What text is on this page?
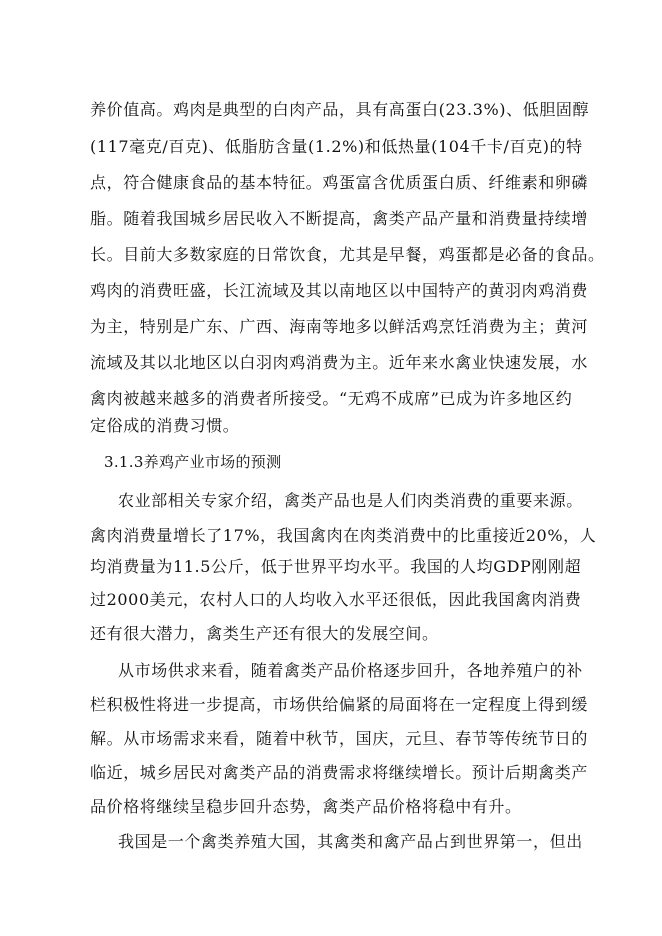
养价值高。鸡肉是典型的白肉产品，具有高蛋白(23.3%)、低胆固醇
(117毫克/百克)、低脂肪含量(1.2%)和低热量(104千卡/百克)的特
点，符合健康食品的基本特征。鸡蛋富含优质蛋白质、纤维素和卵磷
脂。随着我国城乡居民收入不断提高，禽类产品产量和消费量持续增
长。目前大多数家庭的日常饮食，尤其是早餐，鸡蛋都是必备的食品。
鸡肉的消费旺盛，长江流域及其以南地区以中国特产的黄羽肉鸡消费
为主，特别是广东、广西、海南等地多以鲜活鸡烹饪消费为主；黄河
流域及其以北地区以白羽肉鸡消费为主。近年来水禽业快速发展，水
禽肉被越来越多的消费者所接受。“无鸡不成席”已成为许多地区约
定俗成的消费习惯。
3.1.3养鸡产业市场的预测
农业部相关专家介绍，禽类产品也是人们肉类消费的重要来源。
禽肉消费量增长了17%，我国禽肉在肉类消费中的比重接近20%，人
均消费量为11.5公斤，低于世界平均水平。我国的人均GDP刚刚超
过2000美元，农村人口的人均收入水平还很低，因此我国禽肉消费
还有很大潜力，禽类生产还有很大的发展空间。
从市场供求来看，随着禽类产品价格逐步回升，各地养殖户的补
栏积极性将进一步提高，市场供给偏紧的局面将在一定程度上得到缓
解。从市场需求来看，随着中秋节，国庆，元旦、春节等传统节日的
临近，城乡居民对禽类产品的消费需求将继续增长。预计后期禽类产
品价格将继续呈稳步回升态势，禽类产品价格将稳中有升。
我国是一个禽类养殖大国，其禽类和禽产品占到世界第一，但出
